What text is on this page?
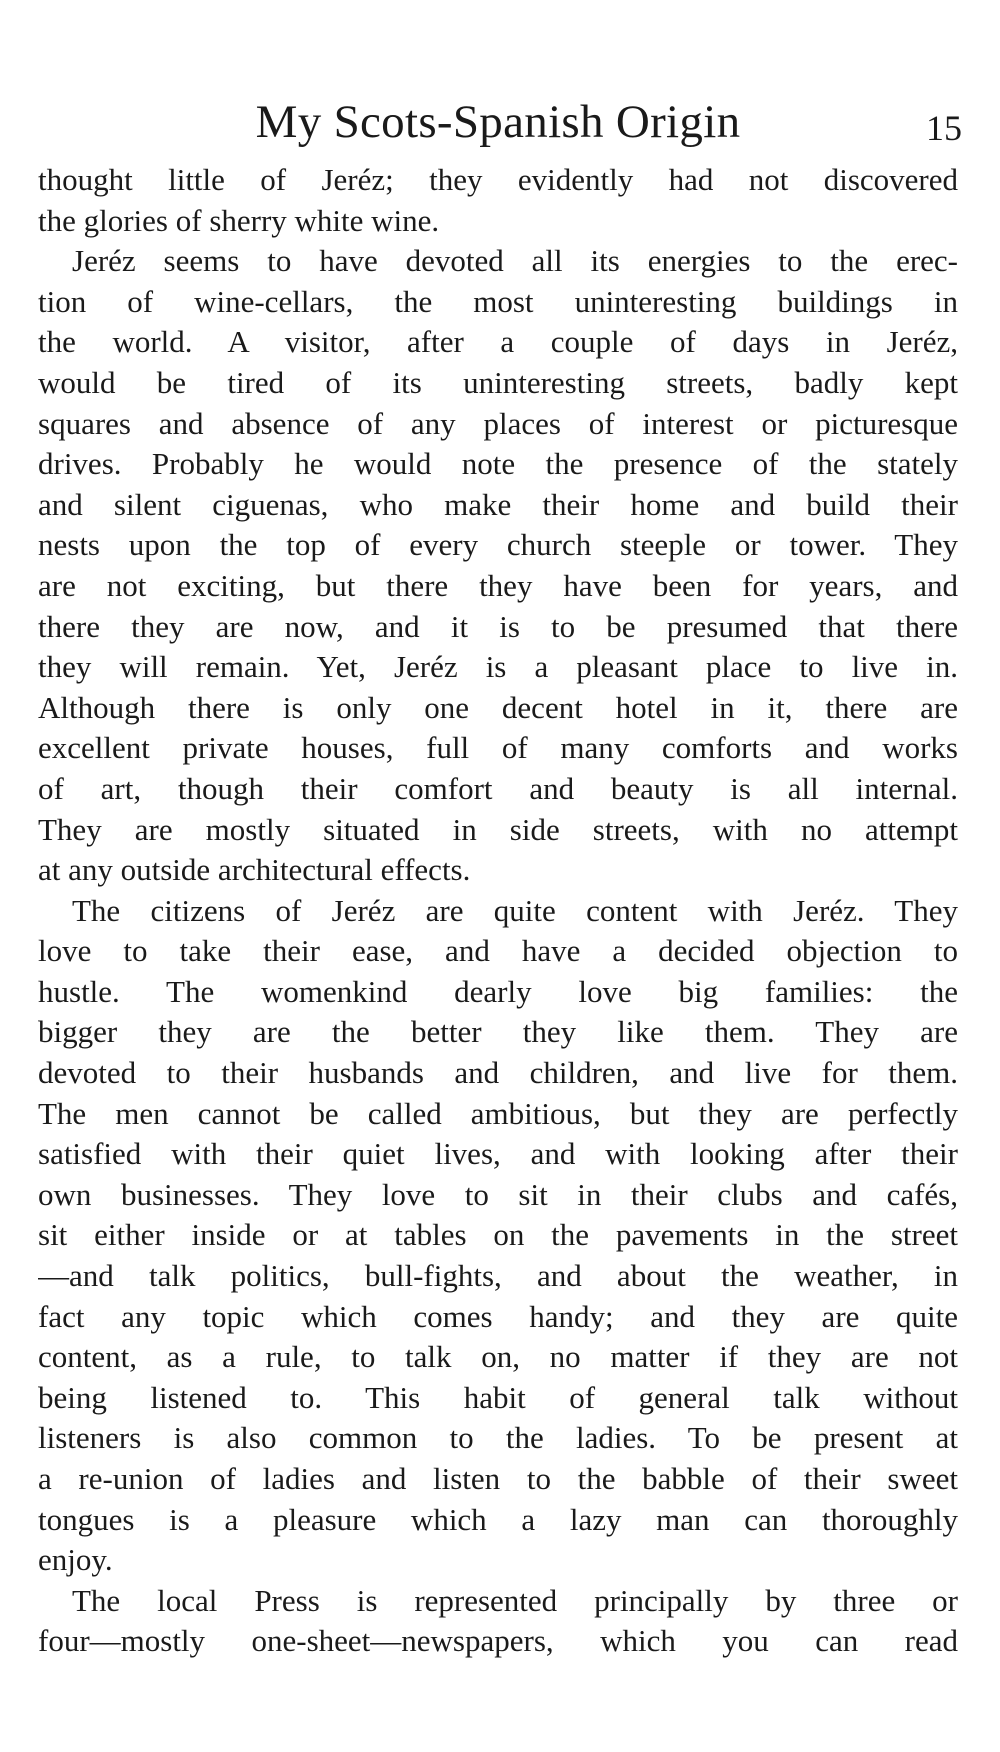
My Scots-Spanish Origin	15
thought little of Jeréz; they evidently had not discovered
the glories of sherry white wine.
Jeréz seems to have devoted all its energies to the erec-
tion of wine-cellars, the most uninteresting buildings in
the world. A visitor, after a couple of days in Jeréz,
would be tired of its uninteresting streets, badly kept
squares and absence of any places of interest or picturesque
drives. Probably he would note the presence of the stately
and silent ciguenas, who make their home and build their
nests upon the top of every church steeple or tower. They
are not exciting, but there they have been for years, and
there they are now, and it is to be presumed that there
they will remain. Yet, Jeréz is a pleasant place to live in.
Although there is only one decent hotel in it, there are
excellent private houses, full of many comforts and works
of art, though their comfort and beauty is all internal.
They are mostly situated in side streets, with no attempt
at any outside architectural effects.
The citizens of Jeréz are quite content with Jeréz. They
love to take their ease, and have a decided objection to
hustle. The womenkind dearly love big families: the
bigger they are the better they like them. They are
devoted to their husbands and children, and live for them.
The men cannot be called ambitious, but they are perfectly
satisfied with their quiet lives, and with looking after their
own businesses. They love to sit in their clubs and cafés,
sit either inside or at tables on the pavements in the street
—and talk politics, bull-fights, and about the weather, in
fact any topic which comes handy; and they are quite
content, as a rule, to talk on, no matter if they are not
being listened to. This habit of general talk without
listeners is also common to the ladies. To be present at
a re-union of ladies and listen to the babble of their sweet
tongues is a pleasure which a lazy man can thoroughly
enjoy.
The local Press is represented principally by three or
four—mostly one-sheet—newspapers, which you can read
